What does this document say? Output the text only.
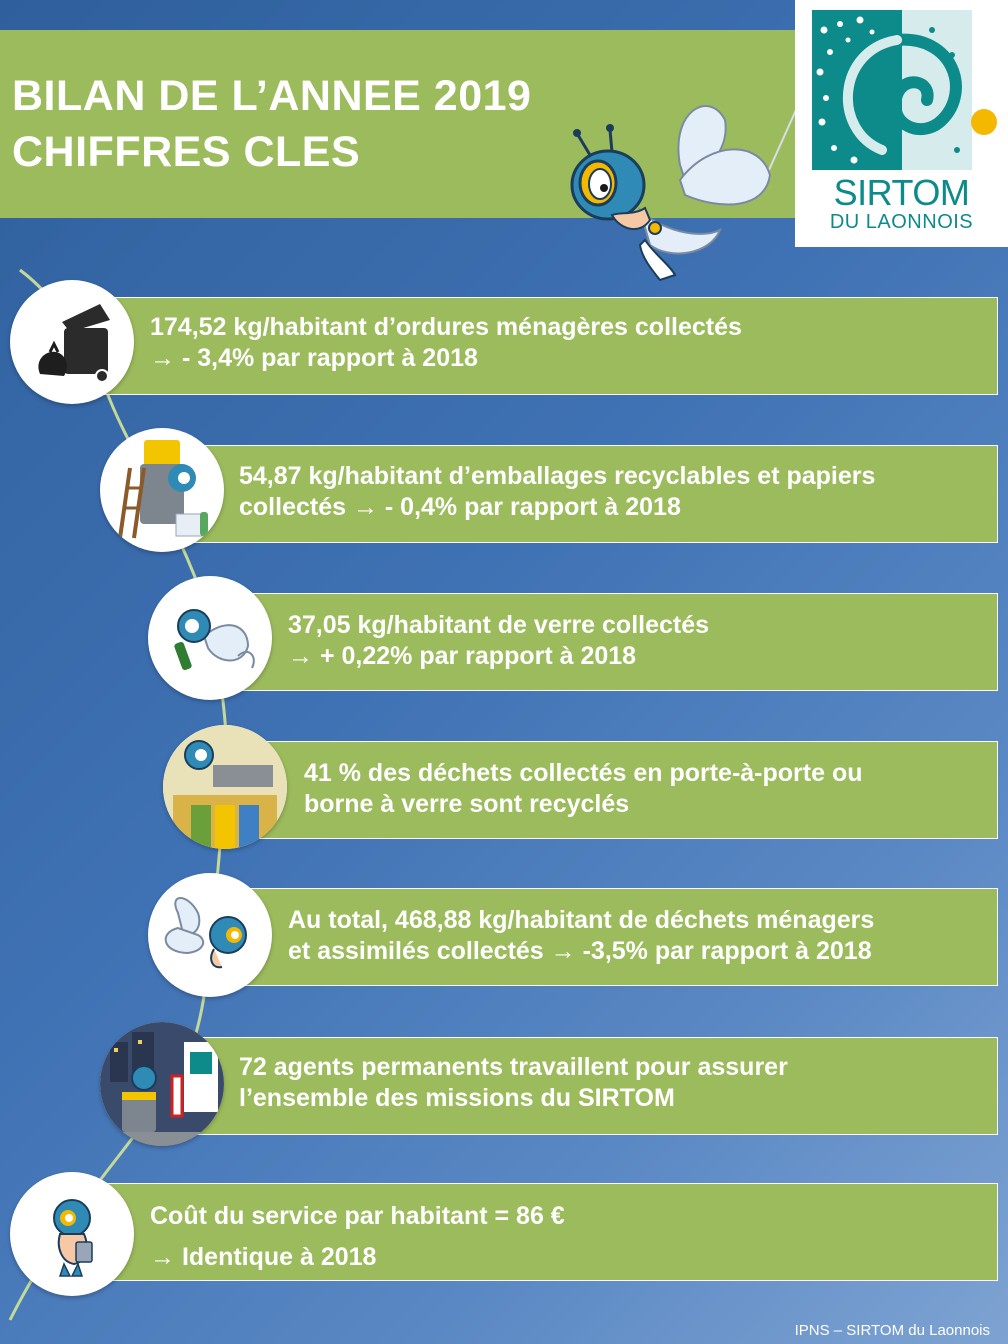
BILAN DE L’ANNEE 2019
CHIFFRES CLES
SIRTOM
DU LAONNOIS
174,52 kg/habitant d’ordures ménagères collectés
→ - 3,4% par rapport à 2018
54,87 kg/habitant d’emballages recyclables et papiers
collectés → - 0,4% par rapport à 2018
37,05 kg/habitant de verre collectés
→ + 0,22% par rapport à 2018
41 % des déchets collectés en porte-à-porte ou
borne à verre sont recyclés
Au total, 468,88 kg/habitant de déchets ménagers
et assimilés collectés → -3,5% par rapport à 2018
72 agents permanents travaillent pour assurer
l’ensemble des missions du SIRTOM
Coût du service par habitant = 86 €
→ Identique à 2018
IPNS – SIRTOM du Laonnois
